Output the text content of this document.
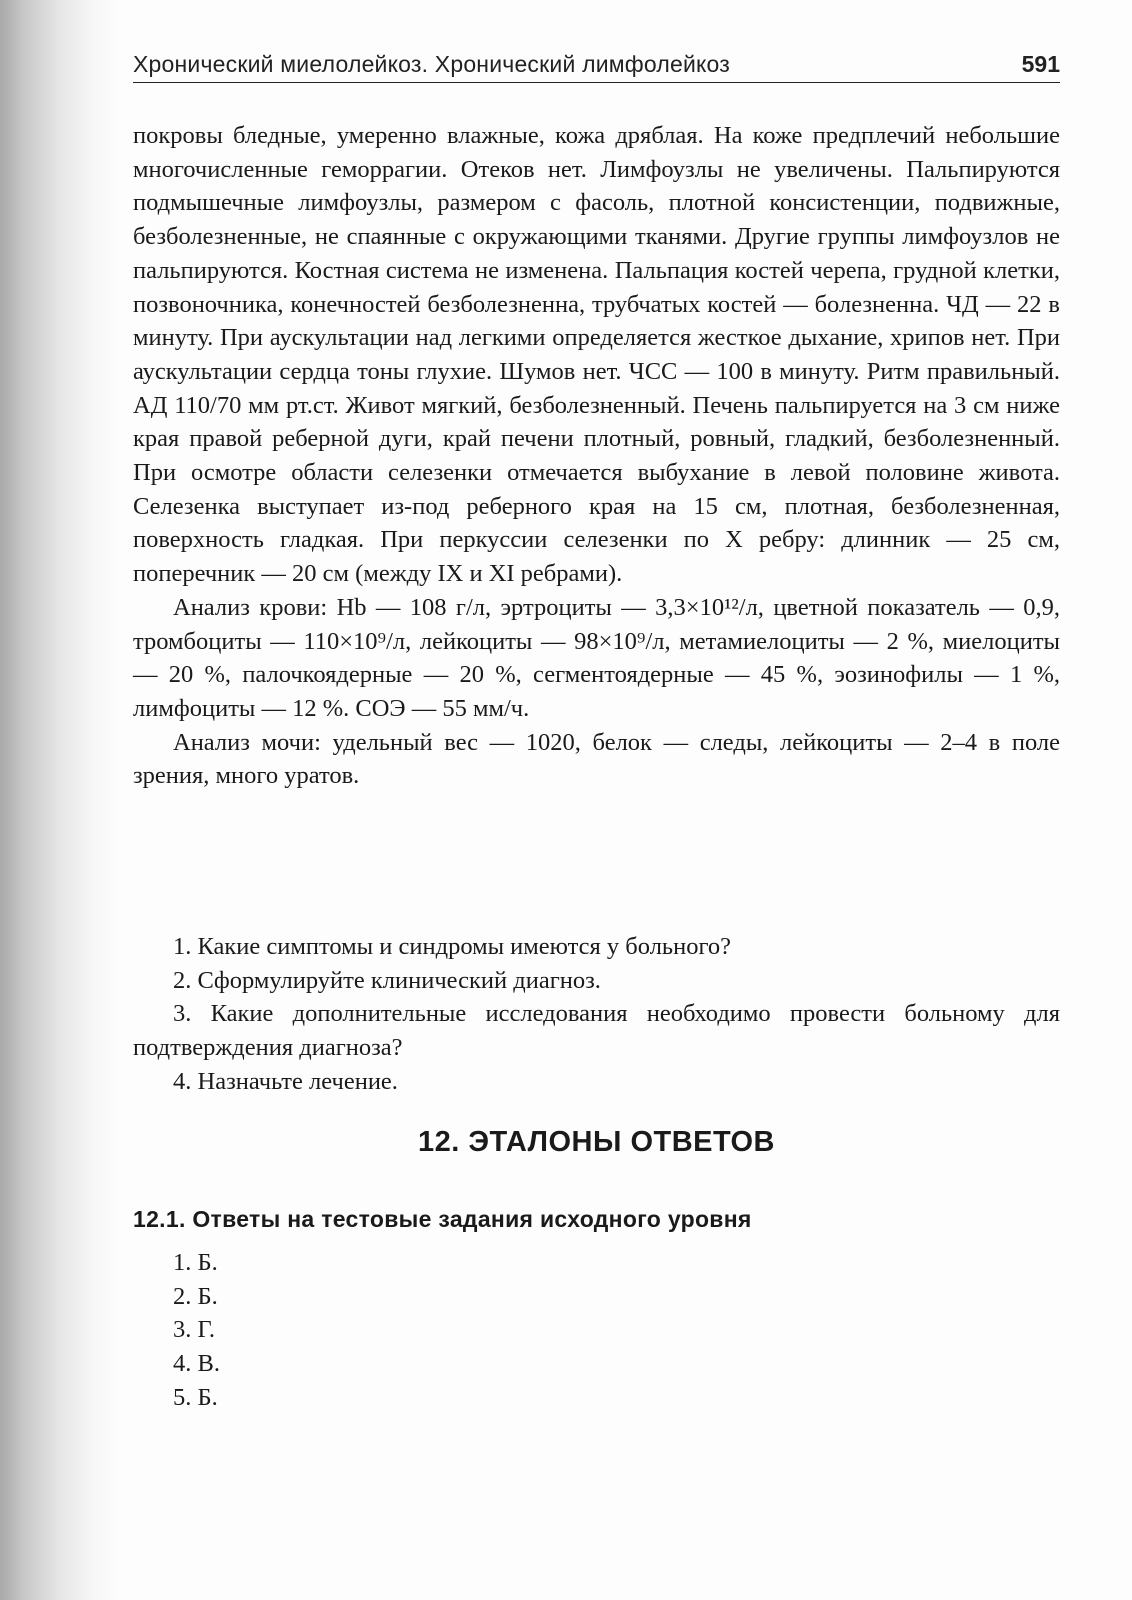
Хронический миелолейкоз. Хронический лимфолейкоз	591

покровы бледные, умеренно влажные, кожа дряблая. На коже предплечий небольшие многочисленные геморрагии. Отеков нет. Лимфоузлы не увеличены. Пальпируются подмышечные лимфоузлы, размером с фасоль, плотной консистенции, подвижные, безболезненные, не спаянные с окружающими тканями. Другие группы лимфоузлов не пальпируются. Костная система не изменена. Пальпация костей черепа, грудной клетки, позвоночника, конечностей безболезненна, трубчатых костей — болезненна. ЧД — 22 в минуту. При аускультации над легкими определяется жесткое дыхание, хрипов нет. При аускультации сердца тоны глухие. Шумов нет. ЧСС — 100 в минуту. Ритм правильный. АД 110/70 мм рт.ст. Живот мягкий, безболезненный. Печень пальпируется на 3 см ниже края правой реберной дуги, край печени плотный, ровный, гладкий, безболезненный. При осмотре области селезенки отмечается выбухание в левой половине живота. Селезенка выступает из-под реберного края на 15 см, плотная, безболезненная, поверхность гладкая. При перкуссии селезенки по X ребру: длинник — 25 см, поперечник — 20 см (между IX и XI ребрами).

Анализ крови: Hb — 108 г/л, эртроциты — 3,3×10¹²/л, цветной показатель — 0,9, тромбоциты — 110×10⁹/л, лейкоциты — 98×10⁹/л, метамиелоциты — 2 %, миелоциты — 20 %, палочкоядерные — 20 %, сегментоядерные — 45 %, эозинофилы — 1 %, лимфоциты — 12 %. СОЭ — 55 мм/ч.

Анализ мочи: удельный вес — 1020, белок — следы, лейкоциты — 2–4 в поле зрения, много уратов.

1. Какие симптомы и синдромы имеются у больного?

2. Сформулируйте клинический диагноз.

3. Какие дополнительные исследования необходимо провести больному для подтверждения диагноза?

4. Назначьте лечение.

12. ЭТАЛОНЫ ОТВЕТОВ
12.1. Ответы на тестовые задания исходного уровня
1. Б.
2. Б.
3. Г.
4. В.
5. Б.
